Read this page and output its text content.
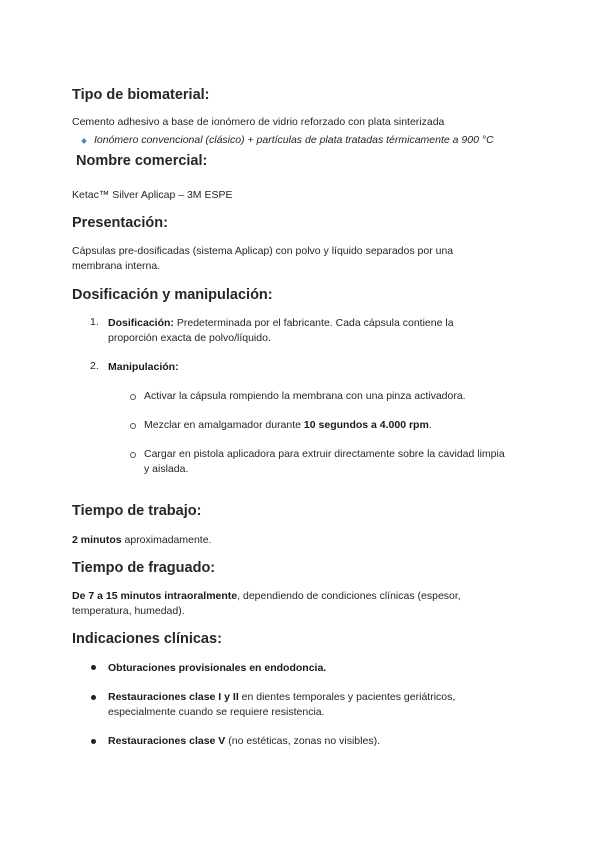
Tipo de biomaterial:

Cemento adhesivo a base de ionómero de vidrio reforzado con plata sinterizada

Ionómero convencional (clásico) + partículas de plata tratadas térmicamente a 900 °C

Nombre comercial:

Ketac™ Silver Aplicap – 3M ESPE

Presentación:

Cápsulas pre-dosificadas (sistema Aplicap) con polvo y líquido separados por una

membrana interna.

Dosificación y manipulación:
1. Dosificación: Predeterminada por el fabricante. Cada cápsula contiene la

proporción exacta de polvo/líquido.

2. Manipulación:

Activar la cápsula rompiendo la membrana con una pinza activadora.

Mezclar en amalgamador durante 10 segundos a 4.000 rpm.

Cargar en pistola aplicadora para extruir directamente sobre la cavidad limpia

y aislada.

Tiempo de trabajo:

2 minutos aproximadamente.

Tiempo de fraguado:

De 7 a 15 minutos intraoralmente, dependiendo de condiciones clínicas (espesor,

temperatura, humedad).

Indicaciones clínicas:

Obturaciones provisionales en endodoncia.

Restauraciones clase I y II en dientes temporales y pacientes geriátricos,

especialmente cuando se requiere resistencia.

Restauraciones clase V (no estéticas, zonas no visibles).
